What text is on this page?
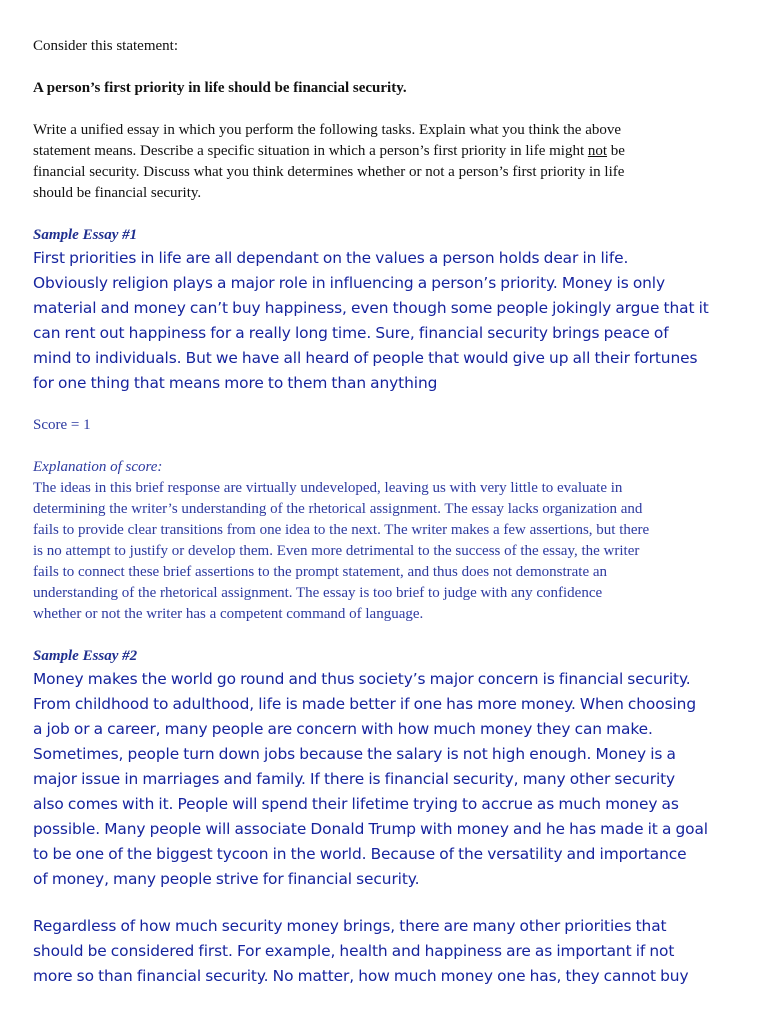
Consider this statement:
A person’s first priority in life should be financial security.
Write a unified essay in which you perform the following tasks. Explain what you think the above
statement means. Describe a specific situation in which a person’s first priority in life might not be
financial security. Discuss what you think determines whether or not a person’s first priority in life
should be financial security.
Sample Essay #1
First priorities in life are all dependant on the values a person holds dear in life.
Obviously religion plays a major role in influencing a person’s priority. Money is only
material and money can’t buy happiness, even though some people jokingly argue that it
can rent out happiness for a really long time. Sure, financial security brings peace of
mind to individuals. But we have all heard of people that would give up all their fortunes
for one thing that means more to them than anything
Score = 1
Explanation of score:
The ideas in this brief response are virtually undeveloped, leaving us with very little to evaluate in
determining the writer’s understanding of the rhetorical assignment. The essay lacks organization and
fails to provide clear transitions from one idea to the next. The writer makes a few assertions, but there
is no attempt to justify or develop them. Even more detrimental to the success of the essay, the writer
fails to connect these brief assertions to the prompt statement, and thus does not demonstrate an
understanding of the rhetorical assignment. The essay is too brief to judge with any confidence
whether or not the writer has a competent command of language.
Sample Essay #2
Money makes the world go round and thus society’s major concern is financial security.
From childhood to adulthood, life is made better if one has more money. When choosing
a job or a career, many people are concern with how much money they can make.
Sometimes, people turn down jobs because the salary is not high enough. Money is a
major issue in marriages and family. If there is financial security, many other security
also comes with it. People will spend their lifetime trying to accrue as much money as
possible. Many people will associate Donald Trump with money and he has made it a goal
to be one of the biggest tycoon in the world. Because of the versatility and importance
of money, many people strive for financial security.
Regardless of how much security money brings, there are many other priorities that
should be considered first. For example, health and happiness are as important if not
more so than financial security. No matter, how much money one has, they cannot buy
